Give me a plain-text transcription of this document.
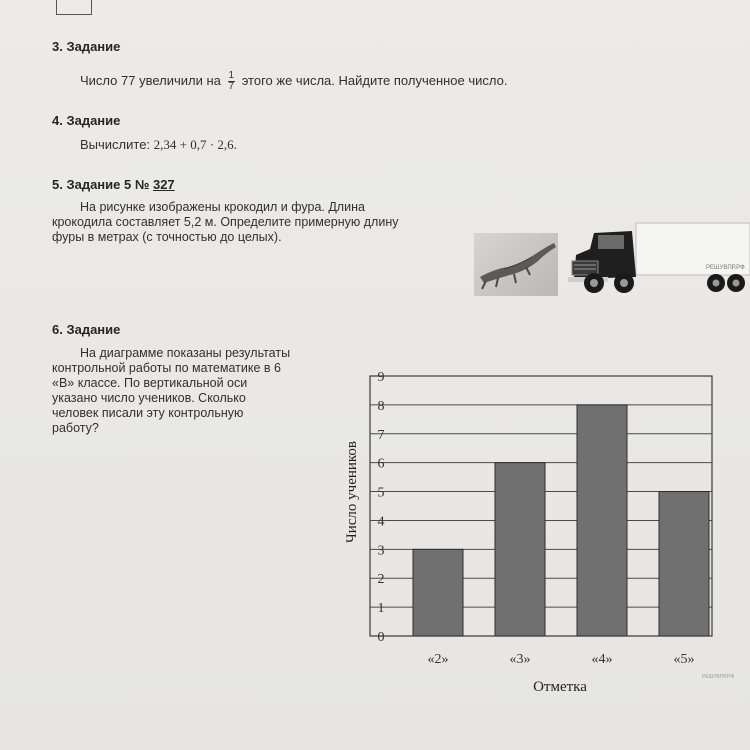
3. Задание
Число 77 увеличили на $\frac{1}{7}$ этого же числа. Найдите полученное число.
4. Задание
Вычислите: 2,34 + 0,7 · 2,6.
5. Задание 5 № 327
На рисунке изображены крокодил и фура. Длина
крокодила составляет 5,2 м. Определите примерную длину
фуры в метрах (с точностью до целых).
РЕШУВПР.РФ
6. Задание
На диаграмме показаны результаты
контрольной работы по математике в 6
«В» классе. По вертикальной оси
указано число учеников. Сколько
человек писали эту контрольную
работу?
0
1
2
3
4
5
6
7
8
9
«2»	«3»	«4»	«5»
Число учеников
Отметка
РЕШУВПР.РФ
